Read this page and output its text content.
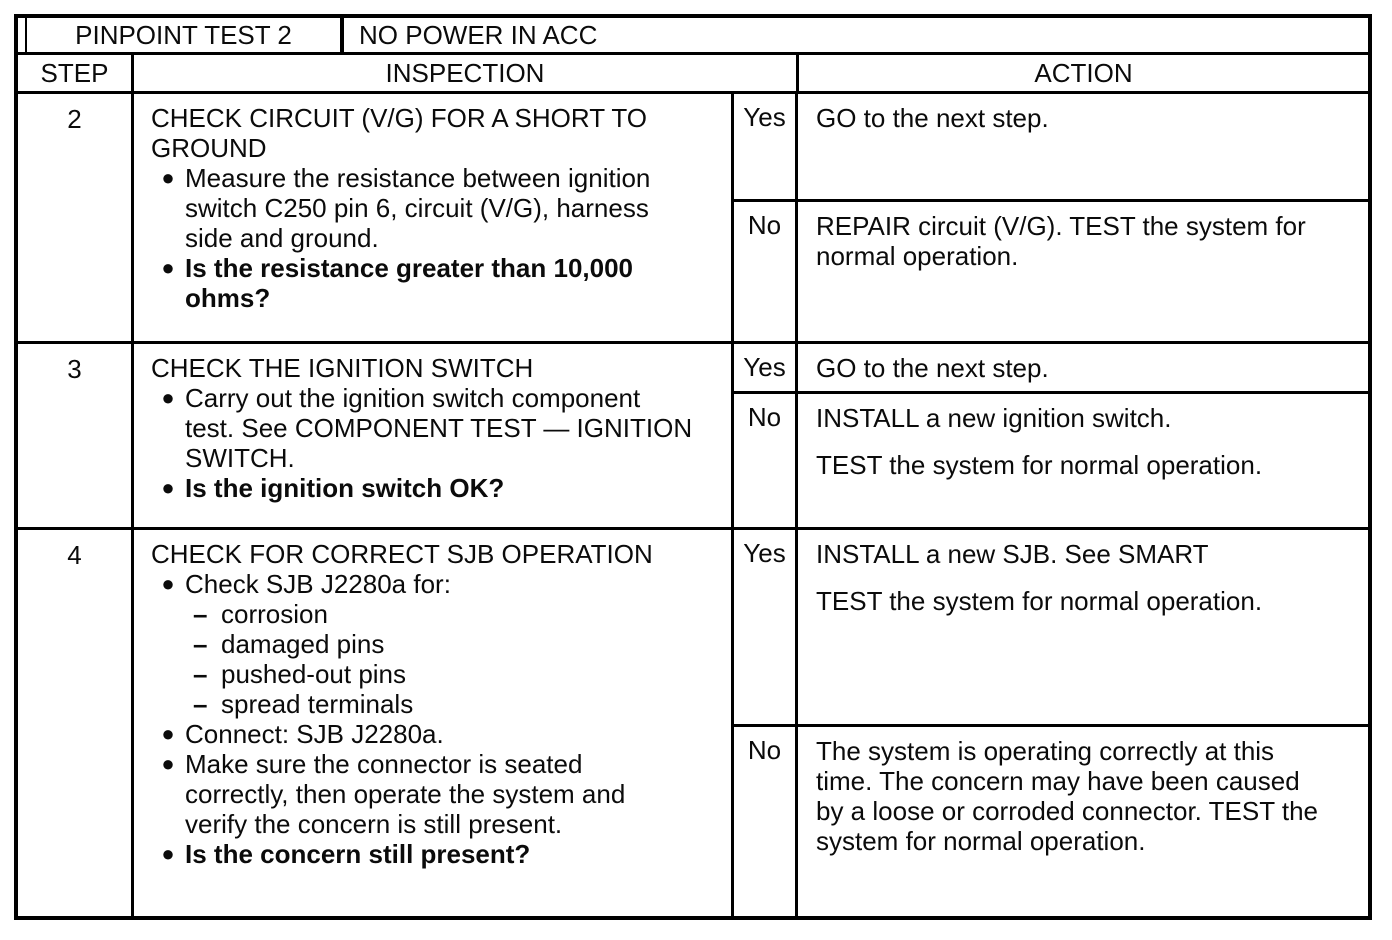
PINPOINT TEST 2	NO POWER IN ACC
STEP	INSPECTION	ACTION
2	CHECK CIRCUIT (V/G) FOR A SHORT TO
GROUND
● Measure the resistance between ignition
switch C250 pin 6, circuit (V/G), harness
side and ground.
● Is the resistance greater than 10,000
ohms?
Yes	GO to the next step.

No	REPAIR circuit (V/G). TEST the system for
normal operation.

3	CHECK THE IGNITION SWITCH
● Carry out the ignition switch component
test. See COMPONENT TEST — IGNITION
SWITCH.
● Is the ignition switch OK?
Yes	GO to the next step.

No	INSTALL a new ignition switch.

TEST the system for normal operation.

4	CHECK FOR CORRECT SJB OPERATION
● Check SJB J2280a for:
– corrosion
– damaged pins
– pushed-out pins
– spread terminals
● Connect: SJB J2280a.
● Make sure the connector is seated
correctly, then operate the system and
verify the concern is still present.
● Is the concern still present?
Yes	INSTALL a new SJB. See SMART

TEST the system for normal operation.

No	The system is operating correctly at this
time. The concern may have been caused
by a loose or corroded connector. TEST the
system for normal operation.
